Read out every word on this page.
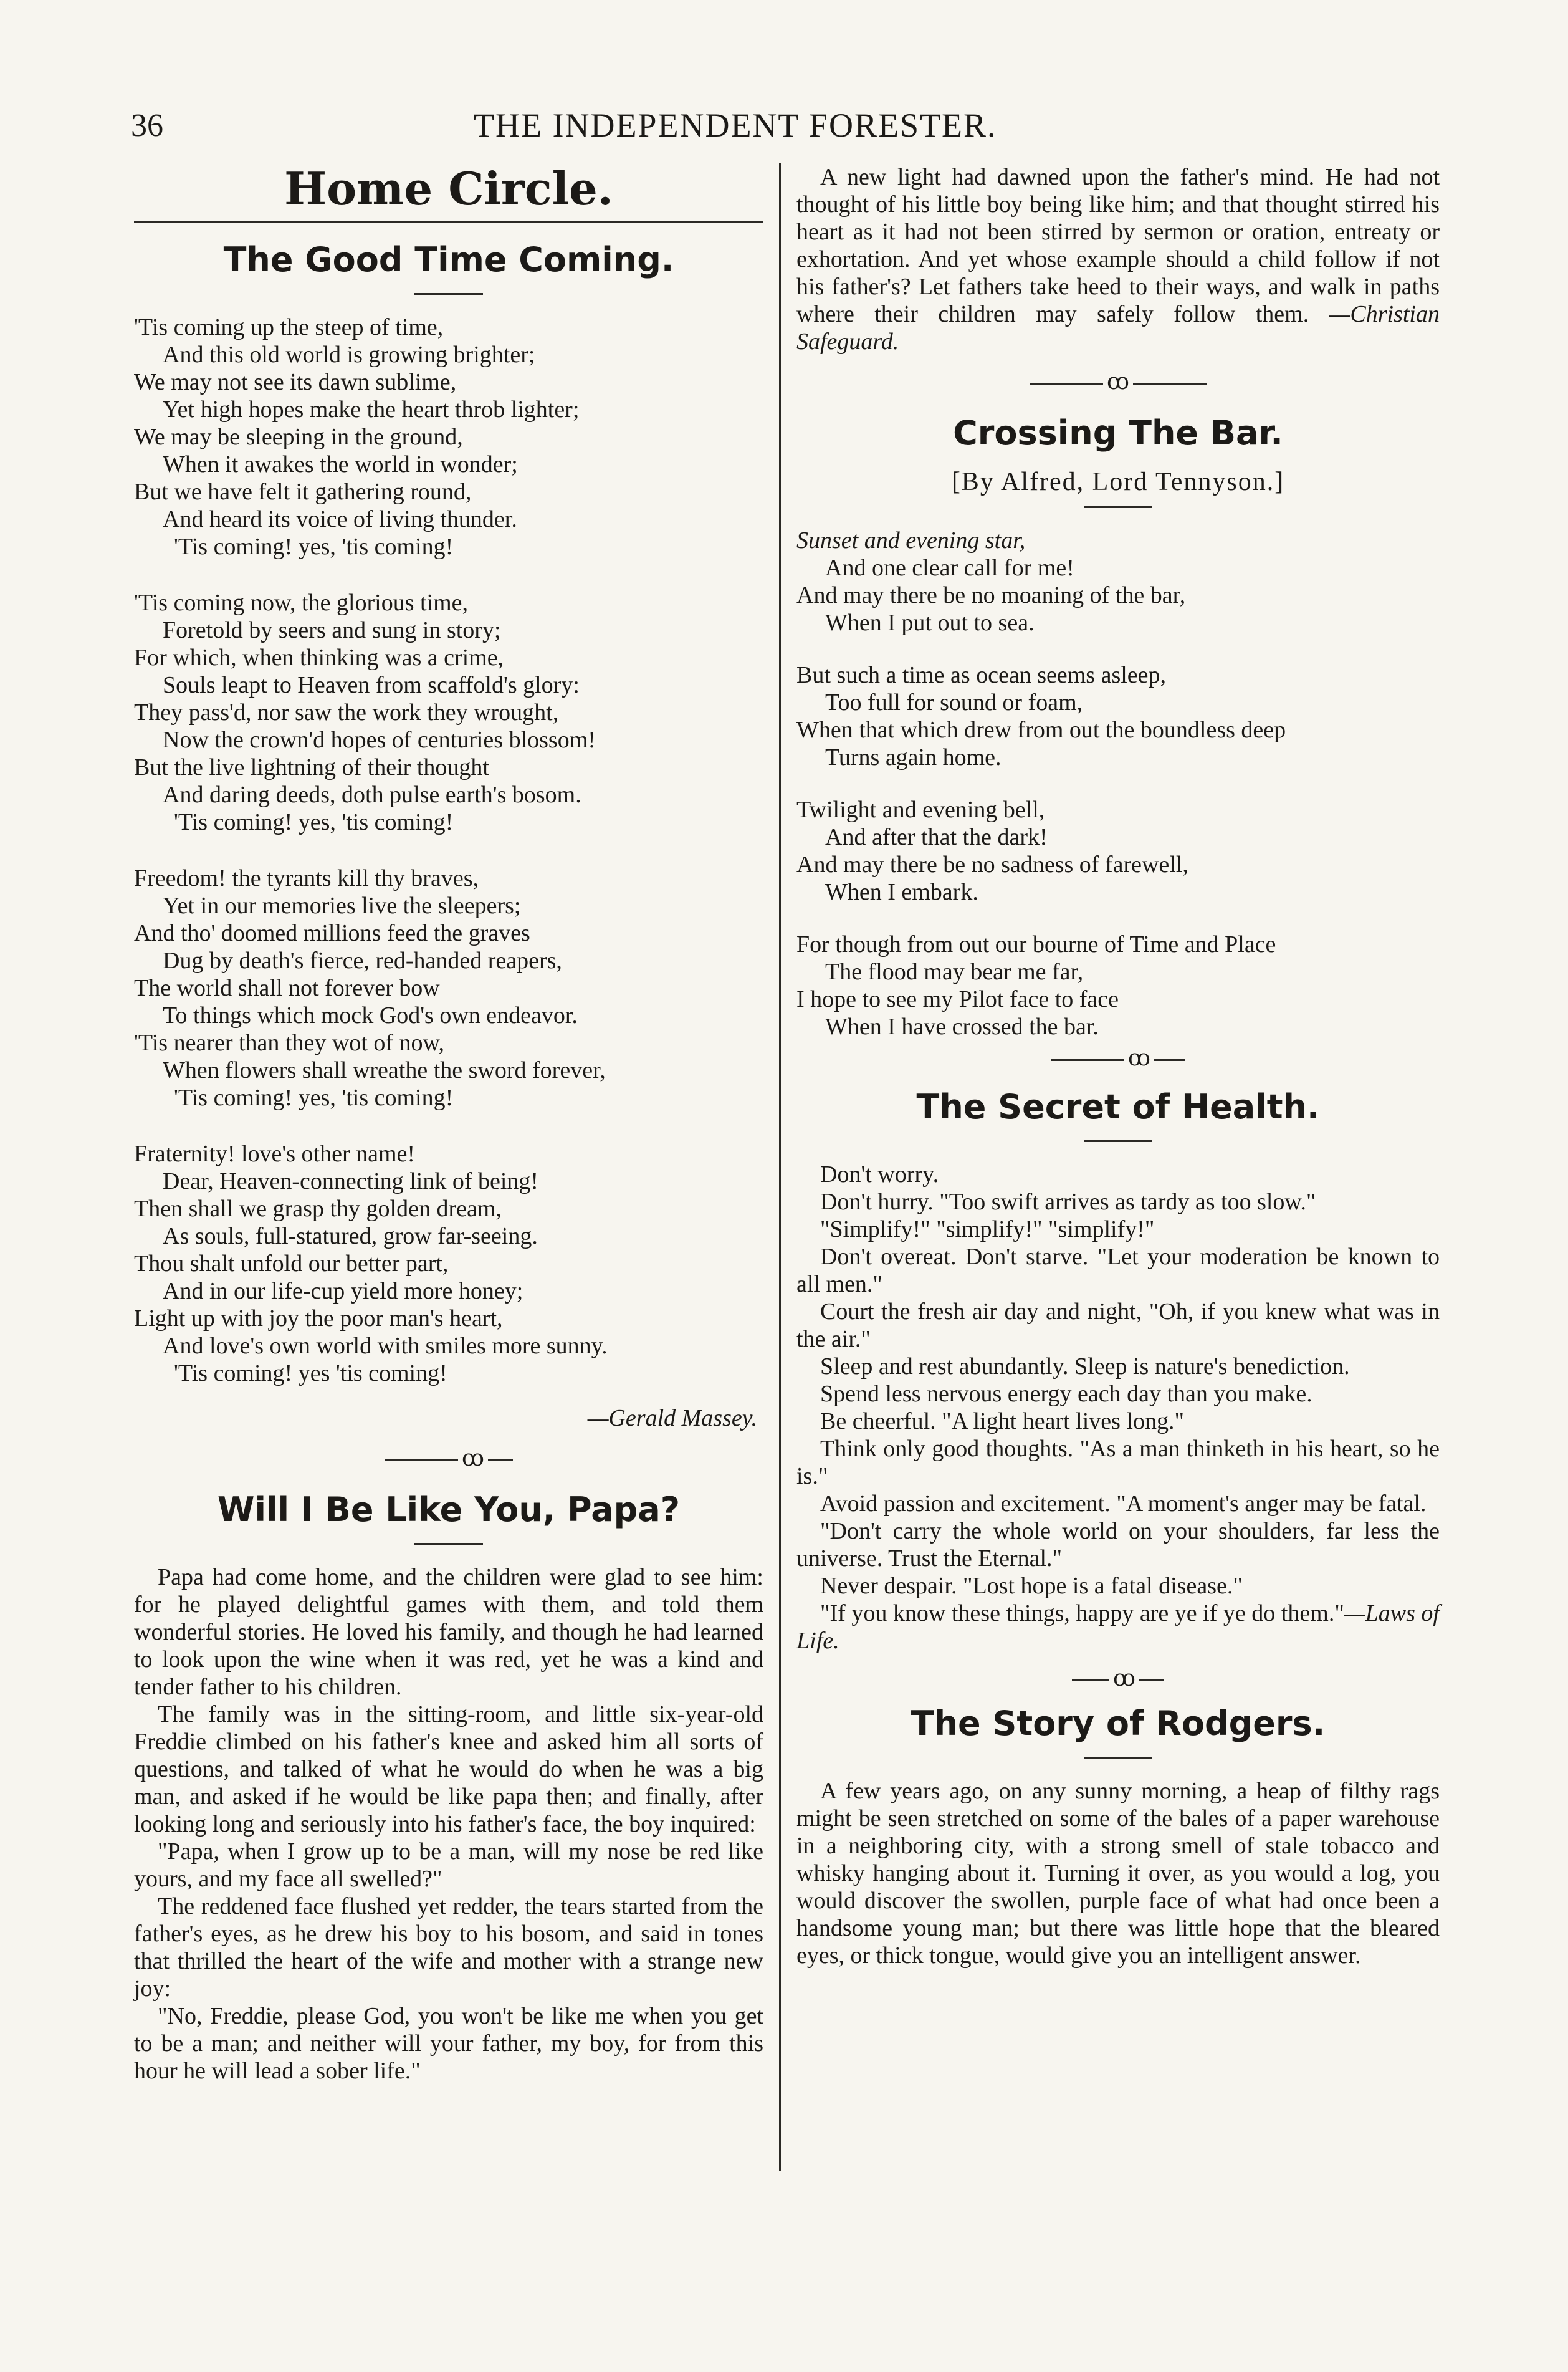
36	THE INDEPENDENT FORESTER.
Home Circle.
The Good Time Coming.

'Tis coming up the steep of time,

And this old world is growing brighter;

We may not see its dawn sublime,

Yet high hopes make the heart throb lighter;

We may be sleeping in the ground,

When it awakes the world in wonder;

But we have felt it gathering round,

And heard its voice of living thunder.

'Tis coming! yes, 'tis coming!

'Tis coming now, the glorious time,

Foretold by seers and sung in story;

For which, when thinking was a crime,

Souls leapt to Heaven from scaffold's glory:

They pass'd, nor saw the work they wrought,

Now the crown'd hopes of centuries blossom!

But the live lightning of their thought

And daring deeds, doth pulse earth's bosom.

'Tis coming! yes, 'tis coming!

Freedom! the tyrants kill thy braves,

Yet in our memories live the sleepers;

And tho' doomed millions feed the graves

Dug by death's fierce, red-handed reapers,

The world shall not forever bow

To things which mock God's own endeavor.

'Tis nearer than they wot of now,

When flowers shall wreathe the sword forever,

'Tis coming! yes, 'tis coming!

Fraternity! love's other name!

Dear, Heaven-connecting link of being!

Then shall we grasp thy golden dream,

As souls, full-statured, grow far-seeing.

Thou shalt unfold our better part,

And in our life-cup yield more honey;

Light up with joy the poor man's heart,

And love's own world with smiles more sunny.

'Tis coming! yes 'tis coming!

—Gerald Massey.
ꝏ
Will I Be Like You, Papa?

Papa had come home, and the children were glad to see him: for he played delightful games with them, and told them wonderful stories. He loved his family, and though he had learned to look upon the wine when it was red, yet he was a kind and tender father to his children.

The family was in the sitting-room, and little six-year-old Freddie climbed on his father's knee and asked him all sorts of questions, and talked of what he would do when he was a big man, and asked if he would be like papa then; and finally, after looking long and seriously into his father's face, the boy inquired:

"Papa, when I grow up to be a man, will my nose be red like yours, and my face all swelled?"

The reddened face flushed yet redder, the tears started from the father's eyes, as he drew his boy to his bosom, and said in tones that thrilled the heart of the wife and mother with a strange new joy:

"No, Freddie, please God, you won't be like me when you get to be a man; and neither will your father, my boy, for from this hour he will lead a sober life."

A new light had dawned upon the father's mind. He had not thought of his little boy being like him; and that thought stirred his heart as it had not been stirred by sermon or oration, entreaty or exhortation. And yet whose example should a child follow if not his father's? Let fathers take heed to their ways, and walk in paths where their children may safely follow them. —Christian Safeguard.

ꝏ
Crossing The Bar.
[By Alfred, Lord Tennyson.]

Sunset and evening star,

And one clear call for me!

And may there be no moaning of the bar,

When I put out to sea.

But such a time as ocean seems asleep,

Too full for sound or foam,

When that which drew from out the boundless deep

Turns again home.

Twilight and evening bell,

And after that the dark!

And may there be no sadness of farewell,

When I embark.

For though from out our bourne of Time and Place

The flood may bear me far,

I hope to see my Pilot face to face

When I have crossed the bar.

ꝏ
The Secret of Health.

Don't worry.

Don't hurry. "Too swift arrives as tardy as too slow."

"Simplify!" "simplify!" "simplify!"

Don't overeat. Don't starve. "Let your moderation be known to all men."

Court the fresh air day and night, "Oh, if you knew what was in the air."

Sleep and rest abundantly. Sleep is nature's benediction.

Spend less nervous energy each day than you make.

Be cheerful. "A light heart lives long."

Think only good thoughts. "As a man thinketh in his heart, so he is."

Avoid passion and excitement. "A moment's anger may be fatal.

"Don't carry the whole world on your shoulders, far less the universe. Trust the Eternal."

Never despair. "Lost hope is a fatal disease."

"If you know these things, happy are ye if ye do them."—Laws of Life.

ꝏ
The Story of Rodgers.

A few years ago, on any sunny morning, a heap of filthy rags might be seen stretched on some of the bales of a paper warehouse in a neighboring city, with a strong smell of stale tobacco and whisky hanging about it. Turning it over, as you would a log, you would discover the swollen, purple face of what had once been a handsome young man; but there was little hope that the bleared eyes, or thick tongue, would give you an intelligent answer.
